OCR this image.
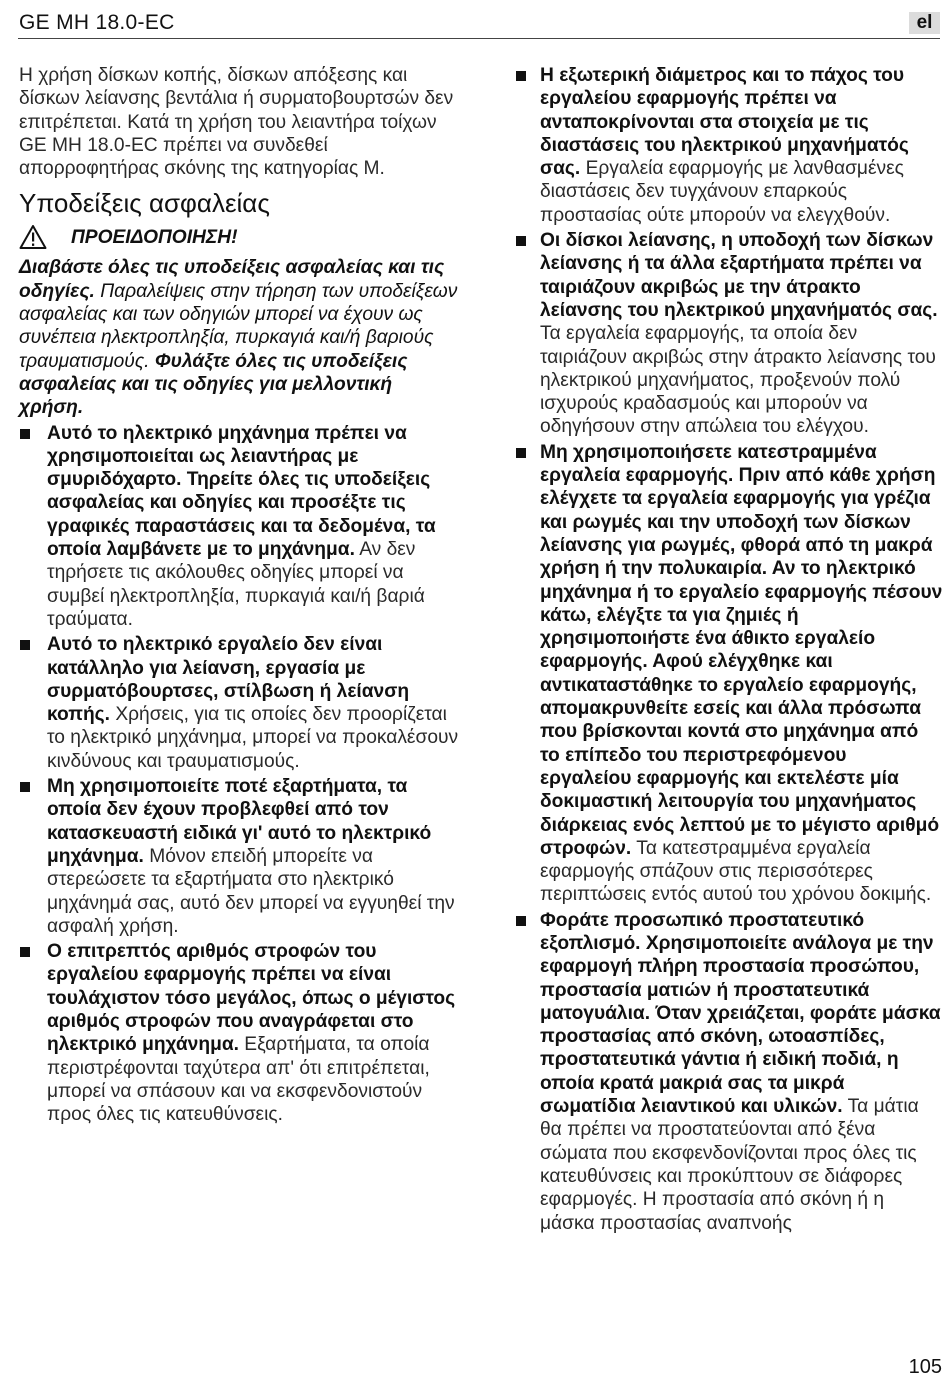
GE MH 18.0-EC	el

Η χρήση δίσκων κοπής, δίσκων απόξεσης και δίσκων λείανσης βεντάλια ή συρματοβουρτσών δεν επιτρέπεται. Κατά τη χρήση του λειαντήρα τοίχων GE MH 18.0-EC πρέπει να συνδεθεί απορροφητήρας σκόνης της κατηγορίας M.

Υποδείξεις ασφαλείας
ΠΡΟΕΙΔΟΠΟΙΗΣΗ!

Διαβάστε όλες τις υποδείξεις ασφαλείας και τις οδηγίες. Παραλείψεις στην τήρηση των υποδείξεων ασφαλείας και των οδηγιών μπορεί να έχουν ως συνέπεια ηλεκτροπληξία, πυρκαγιά και/ή βαριούς τραυματισμούς. Φυλάξτε όλες τις υποδείξεις ασφαλείας και τις οδηγίες για μελλοντική χρήση.

Αυτό το ηλεκτρικό μηχάνημα πρέπει να χρησιμοποιείται ως λειαντήρας με σμυριδόχαρτο. Τηρείτε όλες τις υποδείξεις ασφαλείας και οδηγίες και προσέξτε τις γραφικές παραστάσεις και τα δεδομένα, τα οποία λαμβάνετε με το μηχάνημα. Αν δεν τηρήσετε τις ακόλουθες οδηγίες μπορεί να συμβεί ηλεκτροπληξία, πυρκαγιά και/ή βαριά τραύματα.
Αυτό το ηλεκτρικό εργαλείο δεν είναι κατάλληλο για λείανση, εργασία με συρματόβουρτσες, στίλβωση ή λείανση κοπής. Χρήσεις, για τις οποίες δεν προορίζεται το ηλεκτρικό μηχάνημα, μπορεί να προκαλέσουν κινδύνους και τραυματισμούς.
Μη χρησιμοποιείτε ποτέ εξαρτήματα, τα οποία δεν έχουν προβλεφθεί από τον κατασκευαστή ειδικά γι' αυτό το ηλεκτρικό μηχάνημα. Μόνον επειδή μπορείτε να στερεώσετε τα εξαρτήματα στο ηλεκτρικό μηχάνημά σας, αυτό δεν μπορεί να εγγυηθεί την ασφαλή χρήση.
Ο επιτρεπτός αριθμός στροφών του εργαλείου εφαρμογής πρέπει να είναι τουλάχιστον τόσο μεγάλος, όπως ο μέγιστος αριθμός στροφών που αναγράφεται στο ηλεκτρικό μηχάνημα. Εξαρτήματα, τα οποία περιστρέφονται ταχύτερα απ' ότι επιτρέπεται, μπορεί να σπάσουν και να εκσφενδονιστούν προς όλες τις κατευθύνσεις.
Η εξωτερική διάμετρος και το πάχος του εργαλείου εφαρμογής πρέπει να ανταποκρίνονται στα στοιχεία με τις διαστάσεις του ηλεκτρικού μηχανήματός σας. Εργαλεία εφαρμογής με λανθασμένες διαστάσεις δεν τυγχάνουν επαρκούς προστασίας ούτε μπορούν να ελεγχθούν.
Οι δίσκοι λείανσης, η υποδοχή των δίσκων λείανσης ή τα άλλα εξαρτήματα πρέπει να ταιριάζουν ακριβώς με την άτρακτο λείανσης του ηλεκτρικού μηχανήματός σας. Τα εργαλεία εφαρμογής, τα οποία δεν ταιριάζουν ακριβώς στην άτρακτο λείανσης του ηλεκτρικού μηχανήματος, προξενούν πολύ ισχυρούς κραδασμούς και μπορούν να οδηγήσουν στην απώλεια του ελέγχου.
Μη χρησιμοποιήσετε κατεστραμμένα εργαλεία εφαρμογής. Πριν από κάθε χρήση ελέγχετε τα εργαλεία εφαρμογής για γρέζια και ρωγμές και την υποδοχή των δίσκων λείανσης για ρωγμές, φθορά από τη μακρά χρήση ή την πολυκαιρία. Αν το ηλεκτρικό μηχάνημα ή το εργαλείο εφαρμογής πέσουν κάτω, ελέγξτε τα για ζημιές ή χρησιμοποιήστε ένα άθικτο εργαλείο εφαρμογής. Αφού ελέγχθηκε και αντικαταστάθηκε το εργαλείο εφαρμογής, απομακρυνθείτε εσείς και άλλα πρόσωπα που βρίσκονται κοντά στο μηχάνημα από το επίπεδο του περιστρεφόμενου εργαλείου εφαρμογής και εκτελέστε μία δοκιμαστική λειτουργία του μηχανήματος διάρκειας ενός λεπτού με το μέγιστο αριθμό στροφών. Τα κατεστραμμένα εργαλεία εφαρμογής σπάζουν στις περισσότερες περιπτώσεις εντός αυτού του χρόνου δοκιμής.
Φοράτε προσωπικό προστατευτικό εξοπλισμό. Χρησιμοποιείτε ανάλογα με την εφαρμογή πλήρη προστασία προσώπου, προστασία ματιών ή προστατευτικά ματογυάλια. Όταν χρειάζεται, φοράτε μάσκα προστασίας από σκόνη, ωτοασπίδες, προστατευτικά γάντια ή ειδική ποδιά, η οποία κρατά μακριά σας τα μικρά σωματίδια λειαντικού και υλικών. Τα μάτια θα πρέπει να προστατεύονται από ξένα σώματα που εκσφενδονίζονται προς όλες τις κατευθύνσεις και προκύπτουν σε διάφορες εφαρμογές. Η προστασία από σκόνη ή η μάσκα προστασίας αναπνοής
105
